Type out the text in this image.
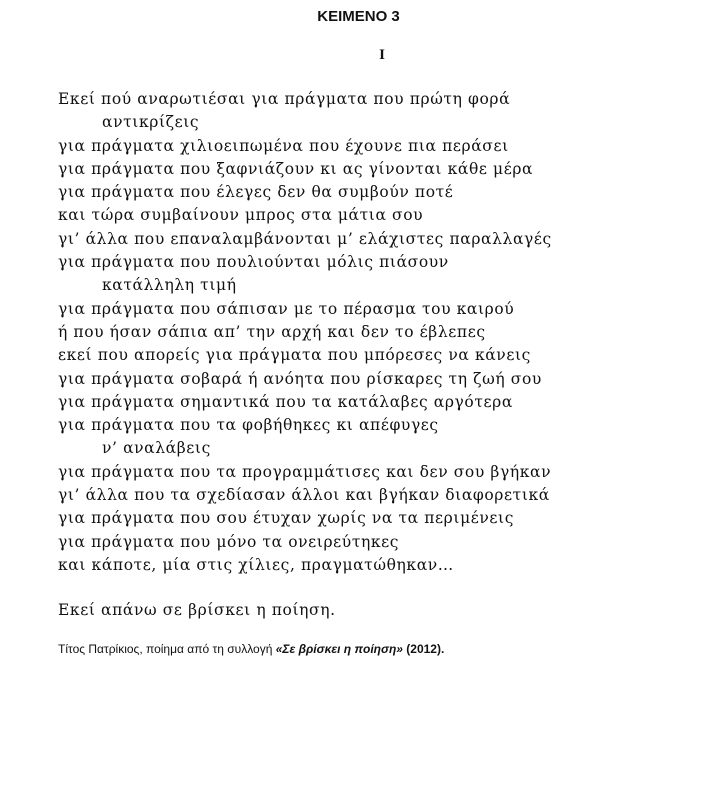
ΚΕΙΜΕΝΟ 3
Ι
Εκεί πού αναρωτιέσαι για πράγματα που πρώτη φορά
αντικρίζεις
για πράγματα χιλιοειπωμένα που έχουνε πια περάσει
για πράγματα που ξαφνιάζουν κι ας γίνονται κάθε μέρα
για πράγματα που έλεγες δεν θα συμβούν ποτέ
και τώρα συμβαίνουν μπρος στα μάτια σου
γι’ άλλα που επαναλαμβάνονται μ’ ελάχιστες παραλλαγές
για πράγματα που πουλιούνται μόλις πιάσουν
κατάλληλη τιμή
για πράγματα που σάπισαν με το πέρασμα του καιρού
ή που ήσαν σάπια απ’ την αρχή και δεν το έβλεπες
εκεί που απορείς για πράγματα που μπόρεσες να κάνεις
για πράγματα σοβαρά ή ανόητα που ρίσκαρες τη ζωή σου
για πράγματα σημαντικά που τα κατάλαβες αργότερα
για πράγματα που τα φοβήθηκες κι απέφυγες
ν’ αναλάβεις
για πράγματα που τα προγραμμάτισες και δεν σου βγήκαν
γι’ άλλα που τα σχεδίασαν άλλοι και βγήκαν διαφορετικά
για πράγματα που σου έτυχαν χωρίς να τα περιμένεις
για πράγματα που μόνο τα ονειρεύτηκες
και κάποτε, μία στις χίλιες, πραγματώθηκαν…
Εκεί απάνω σε βρίσκει η ποίηση.
Τίτος Πατρίκιος, ποίημα από τη συλλογή «Σε βρίσκει η ποίηση» (2012).
